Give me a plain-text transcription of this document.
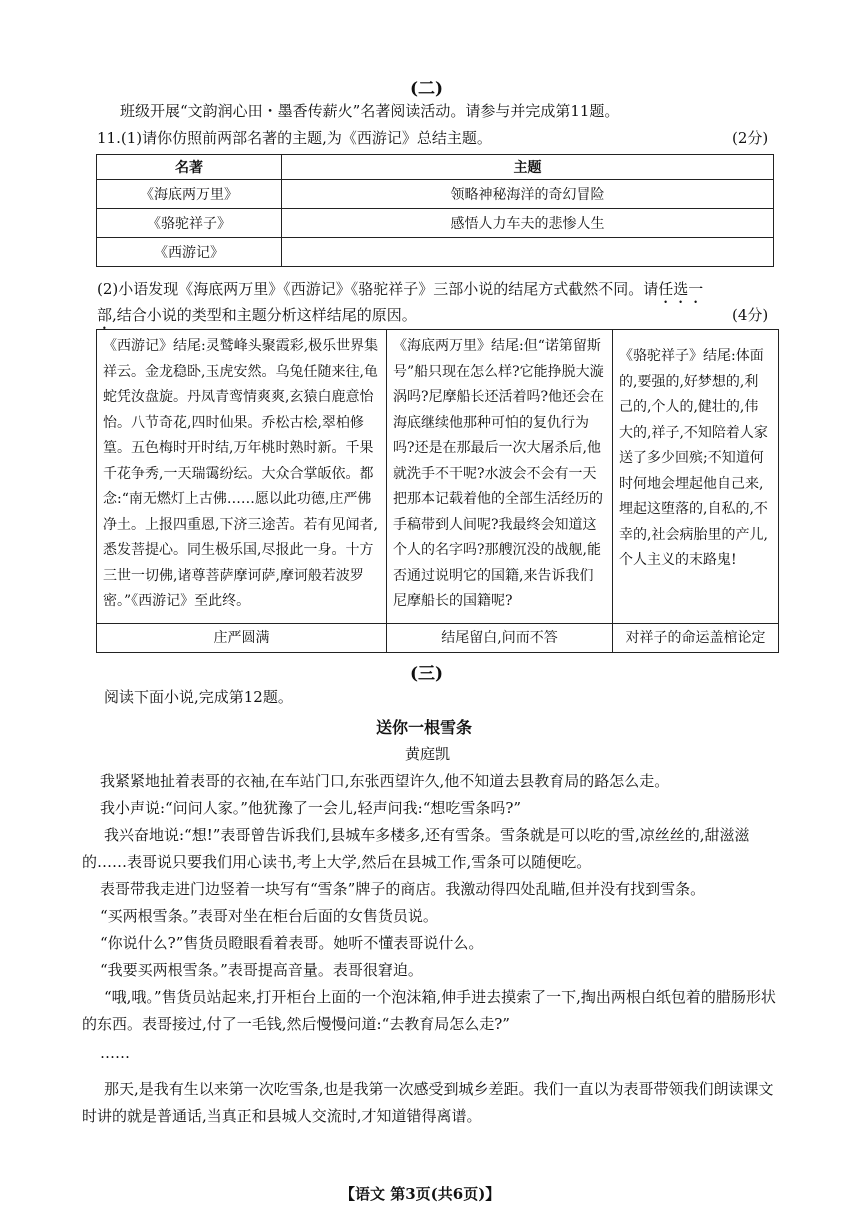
(二)
班级开展“文韵润心田・墨香传薪火”名著阅读活动。请参与并完成第11题。
11.(1)请你仿照前两部名著的主题,为《西游记》总结主题。	(2分)
名著	主题
《海底两万里》	领略神秘海洋的奇幻冒险
《骆驼祥子》	感悟人力车夫的悲惨人生
《西游记》	
(2)小语发现《海底两万里》《西游记》《骆驼祥子》三部小说的结尾方式截然不同。请任选一
部,结合小说的类型和主题分析这样结尾的原因。	(4分)
《西游记》结尾:灵鹫峰头聚霞彩,极乐世界集祥云。金龙稳卧,玉虎安然。乌兔任随来往,龟蛇凭汝盘旋。丹凤青鸾情爽爽,玄猿白鹿意怡怡。八节奇花,四时仙果。乔松古桧,翠柏修篁。五色梅时开时结,万年桃时熟时新。千果千花争秀,一天瑞霭纷纭。大众合掌皈依。都念:“南无燃灯上古佛……愿以此功德,庄严佛净土。上报四重恩,下济三途苦。若有见闻者,悉发菩提心。同生极乐国,尽报此一身。十方三世一切佛,诸尊菩萨摩诃萨,摩诃般若波罗密。”《西游记》至此终。	《海底两万里》结尾:但“诺第留斯号”船只现在怎么样?它能挣脱大漩涡吗?尼摩船长还活着吗?他还会在海底继续他那种可怕的复仇行为吗?还是在那最后一次大屠杀后,他就洗手不干呢?水波会不会有一天把那本记载着他的全部生活经历的手稿带到人间呢?我最终会知道这个人的名字吗?那艘沉没的战舰,能否通过说明它的国籍,来告诉我们尼摩船长的国籍呢?	《骆驼祥子》结尾:体面的,要强的,好梦想的,利己的,个人的,健壮的,伟大的,祥子,不知陪着人家送了多少回殡;不知道何时何地会埋起他自己来,埋起这堕落的,自私的,不幸的,社会病胎里的产儿,个人主义的末路鬼!
庄严圆满	结尾留白,问而不答	对祥子的命运盖棺论定
(三)
阅读下面小说,完成第12题。
送你一根雪条
黄庭凯
我紧紧地扯着表哥的衣袖,在车站门口,东张西望许久,他不知道去县教育局的路怎么走。
我小声说:“问问人家。”他犹豫了一会儿,轻声问我:“想吃雪条吗?”
我兴奋地说:“想!”表哥曾告诉我们,县城车多楼多,还有雪条。雪条就是可以吃的雪,凉丝丝的,甜滋滋的……表哥说只要我们用心读书,考上大学,然后在县城工作,雪条可以随便吃。
表哥带我走进门边竖着一块写有“雪条”牌子的商店。我激动得四处乱瞄,但并没有找到雪条。
“买两根雪条。”表哥对坐在柜台后面的女售货员说。
“你说什么?”售货员瞪眼看着表哥。她听不懂表哥说什么。
“我要买两根雪条。”表哥提高音量。表哥很窘迫。
“哦,哦。”售货员站起来,打开柜台上面的一个泡沫箱,伸手进去摸索了一下,掏出两根白纸包着的腊肠形状的东西。表哥接过,付了一毛钱,然后慢慢问道:“去教育局怎么走?”
……
那天,是我有生以来第一次吃雪条,也是我第一次感受到城乡差距。我们一直以为表哥带领我们朗读课文时讲的就是普通话,当真正和县城人交流时,才知道错得离谱。
【语文 第3页(共6页)】
